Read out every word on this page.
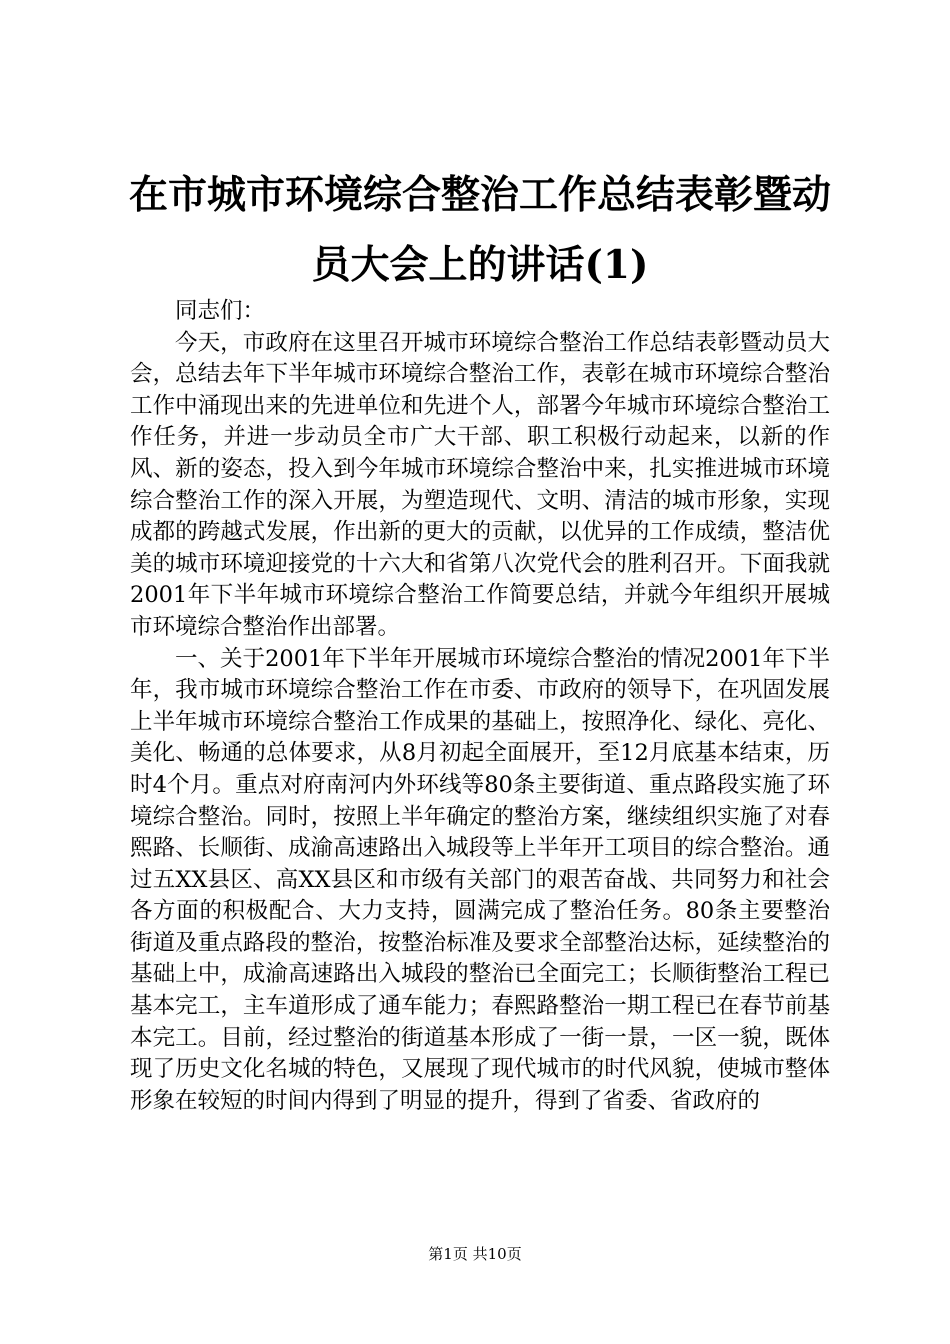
在市城市环境综合整治工作总结表彰暨动员大会上的讲话(1)

同志们：

今天，市政府在这里召开城市环境综合整治工作总结表彰暨动员大会，总结去年下半年城市环境综合整治工作，表彰在城市环境综合整治工作中涌现出来的先进单位和先进个人，部署今年城市环境综合整治工作任务，并进一步动员全市广大干部、职工积极行动起来，以新的作风、新的姿态，投入到今年城市环境综合整治中来，扎实推进城市环境综合整治工作的深入开展，为塑造现代、文明、清洁的城市形象，实现成都的跨越式发展，作出新的更大的贡献，以优异的工作成绩，整洁优美的城市环境迎接党的十六大和省第八次党代会的胜利召开。下面我就2001年下半年城市环境综合整治工作简要总结，并就今年组织开展城市环境综合整治作出部署。

一、关于2001年下半年开展城市环境综合整治的情况2001年下半年，我市城市环境综合整治工作在市委、市政府的领导下，在巩固发展上半年城市环境综合整治工作成果的基础上，按照净化、绿化、亮化、美化、畅通的总体要求，从8月初起全面展开，至12月底基本结束，历时4个月。重点对府南河内外环线等80条主要街道、重点路段实施了环境综合整治。同时，按照上半年确定的整治方案，继续组织实施了对春熙路、长顺街、成渝高速路出入城段等上半年开工项目的综合整治。通过五XX县区、高XX县区和市级有关部门的艰苦奋战、共同努力和社会各方面的积极配合、大力支持，圆满完成了整治任务。80条主要整治街道及重点路段的整治，按整治标准及要求全部整治达标，延续整治的基础上中，成渝高速路出入城段的整治已全面完工；长顺街整治工程已基本完工，主车道形成了通车能力；春熙路整治一期工程已在春节前基本完工。目前，经过整治的街道基本形成了一街一景，一区一貌，既体现了历史文化名城的特色，又展现了现代城市的时代风貌，使城市整体形象在较短的时间内得到了明显的提升，得到了省委、省政府的

第1页 共10页
